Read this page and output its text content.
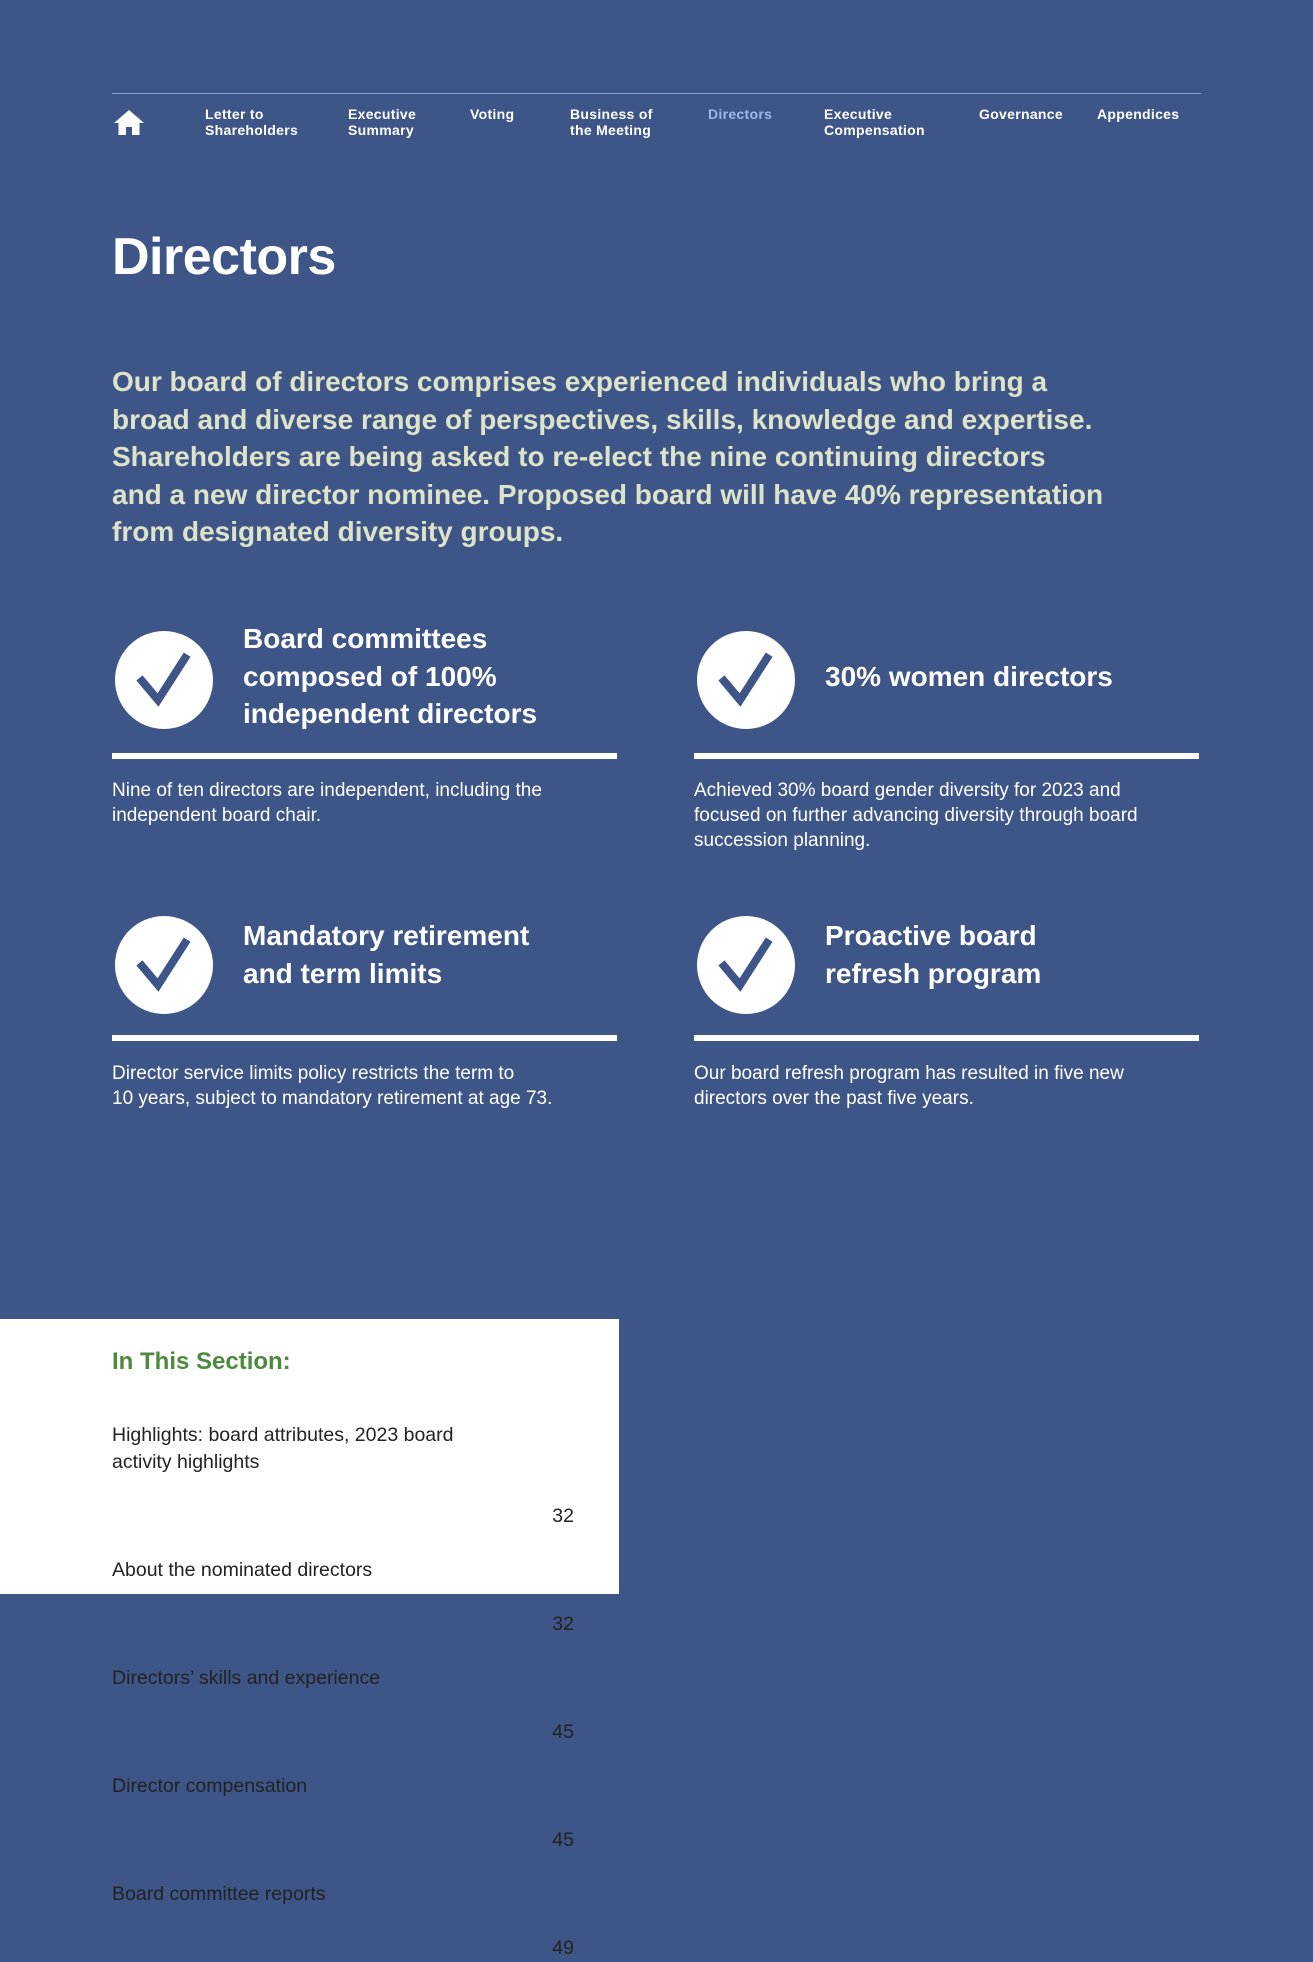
Letter to
Shareholders
Executive
Summary
Voting	Business of
the Meeting
Directors	Executive
Compensation
Governance Appendices
Directors

Our board of directors comprises experienced individuals who bring a
broad and diverse range of perspectives, skills, knowledge and expertise.
Shareholders are being asked to re-elect the nine continuing directors
and a new director nominee. Proposed board will have 40% representation
from designated diversity groups.

Board committees
composed of 100%
independent directors

Nine of ten directors are independent, including the
independent board chair.

30% women directors

Achieved 30% board gender diversity for 2023 and
focused on further advancing diversity through board
succession planning.

Mandatory retirement
and term limits

Director service limits policy restricts the term to
10 years, subject to mandatory retirement at age 73.

Proactive board
refresh program

Our board refresh program has resulted in five new
directors over the past five years.

In This Section:

Highlights: board attributes, 2023 board
activity highlights

32

About the nominated directors

32

Directors’ skills and experience

45

Director compensation

45

Board committee reports

49
